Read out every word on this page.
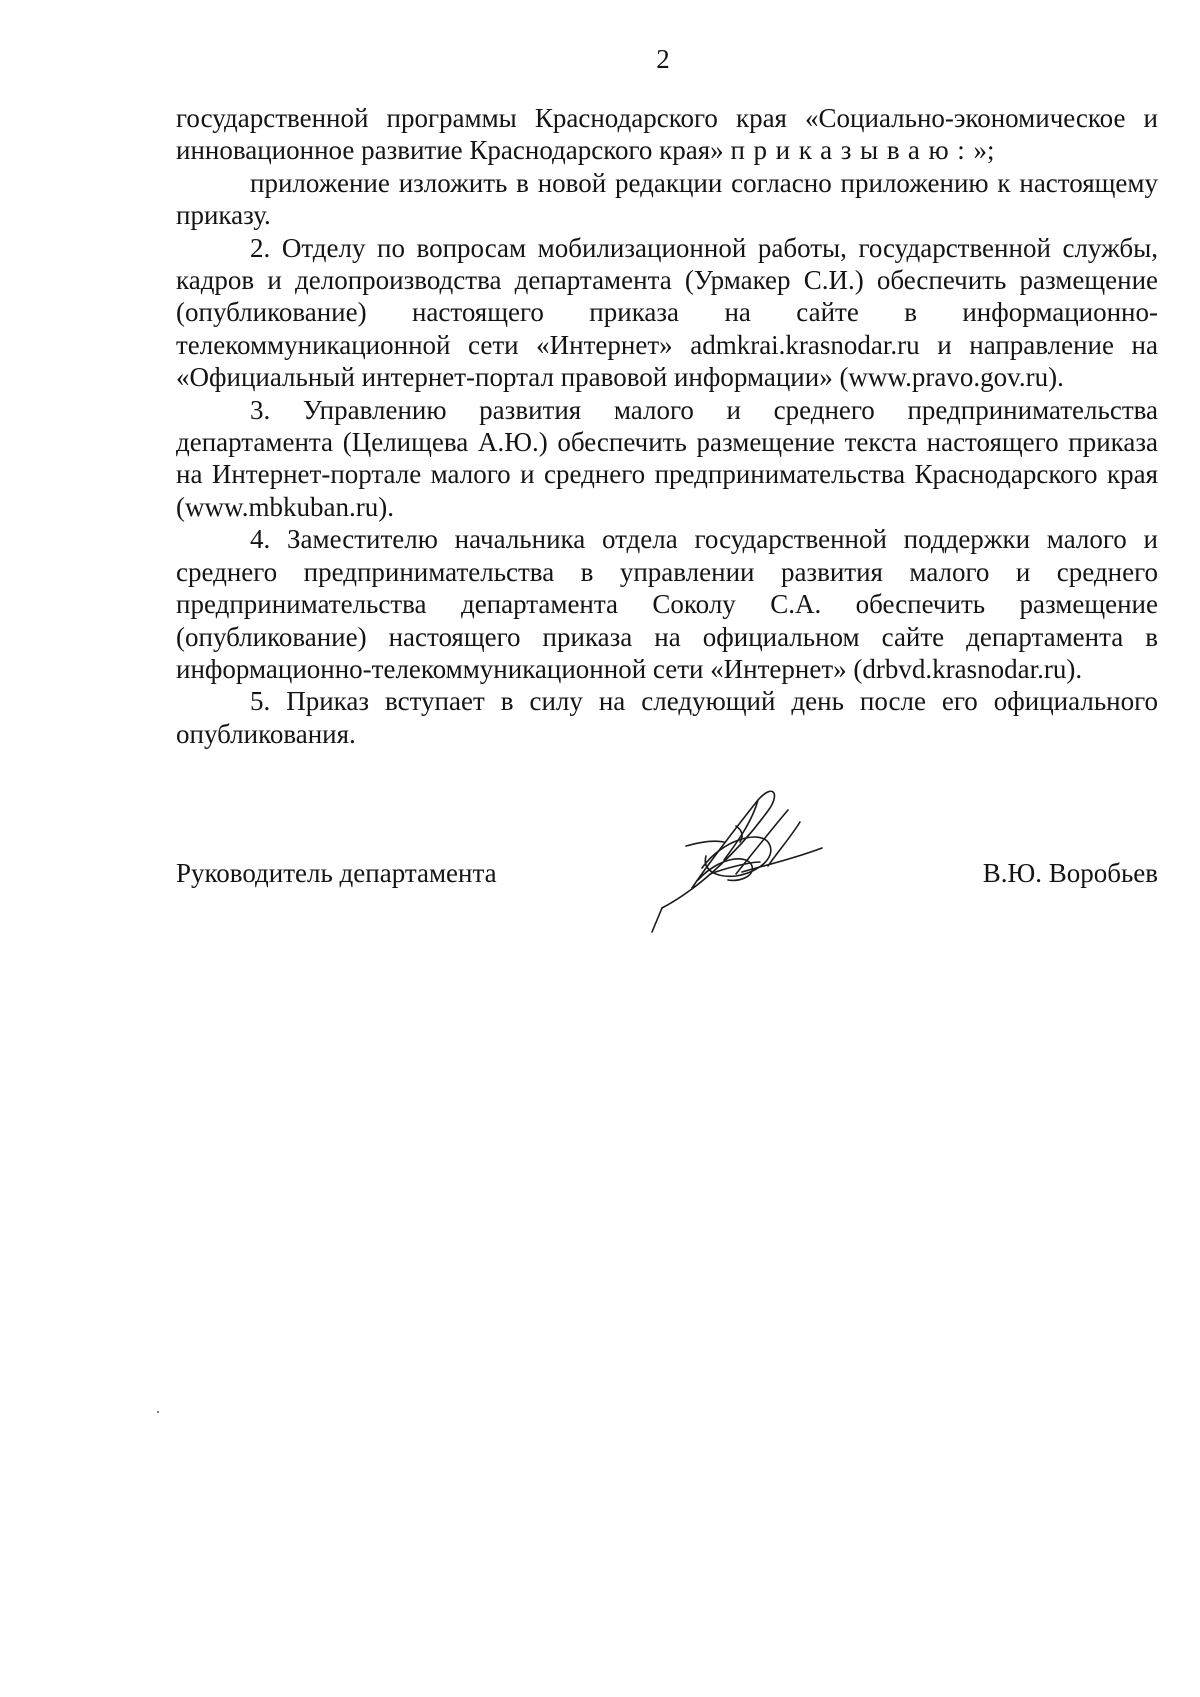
2

государственной программы Краснодарского края «Социально-экономическое и инновационное развитие Краснодарского края» приказываю:»;

приложение изложить в новой редакции согласно приложению к настоящему приказу.

2. Отделу по вопросам мобилизационной работы, государственной службы, кадров и делопроизводства департамента (Урмакер С.И.) обеспечить размещение (опубликование) настоящего приказа на сайте в информационно-телекоммуникационной сети «Интернет» admkrai.krasnodar.ru и направление на «Официальный интернет-портал правовой информации» (www.pravo.gov.ru).

3. Управлению развития малого и среднего предпринимательства департамента (Целищева А.Ю.) обеспечить размещение текста настоящего приказа на Интернет-портале малого и среднего предпринимательства Краснодарского края (www.mbkuban.ru).

4. Заместителю начальника отдела государственной поддержки малого и среднего предпринимательства в управлении развития малого и среднего предпринимательства департамента Соколу С.А. обеспечить размещение (опубликование) настоящего приказа на официальном сайте департамента в информационно-телекоммуникационной сети «Интернет» (drbvd.krasnodar.ru).

5. Приказ вступает в силу на следующий день после его официального опубликования.

Руководитель департамента	В.Ю. Воробьев
